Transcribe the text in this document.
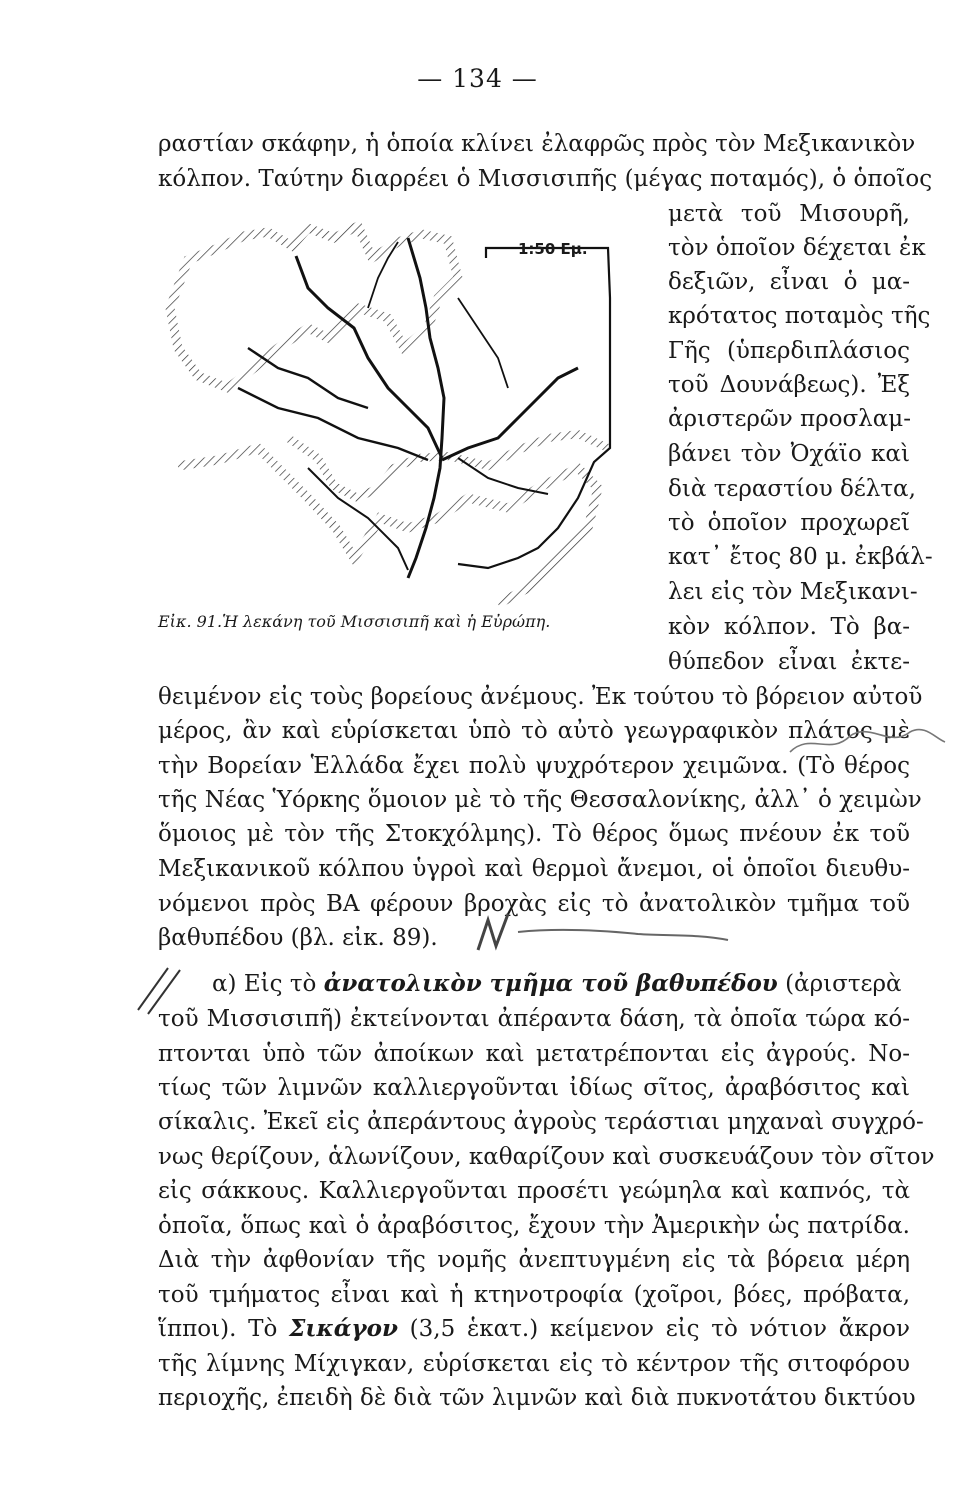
— 134 —
ραστίαν σκάφην, ἡ ὁποία κλίνει ἐλαφρῶς πρὸς τὸν Μεξικανικὸν
κόλπον. Ταύτην διαρρέει ὁ Μισσισιπῆς (μέγας ποταμός), ὁ ὁποῖος
1:50 Εμ.
Εἰκ. 91.Ἡ λεκάνη τοῦ Μισσισιπῆ καὶ ἡ Εὐρώπη.
μετὰ τοῦ Μισουρῆ,
τὸν ὁποῖον δέχεται ἐκ
δεξιῶν, εἶναι ὁ μα-
κρότατος ποταμὸς τῆς
Γῆς (ὑπερδιπλάσιος
τοῦ Δουνάβεως). Ἐξ
ἀριστερῶν προσλαμ-
βάνει τὸν Ὀχάϊο καὶ
διὰ τεραστίου δέλτα,
τὸ ὁποῖον προχωρεῖ
κατ᾽ ἔτος 80 μ. ἐκβάλ-
λει εἰς τὸν Μεξικανι-
κὸν κόλπον. Τὸ βα-
θύπεδον εἶναι ἐκτε-
θειμένον εἰς τοὺς βορείους ἀνέμους. Ἐκ τούτου τὸ βόρειον αὐτοῦ
μέρος, ἂν καὶ εὑρίσκεται ὑπὸ τὸ αὐτὸ γεωγραφικὸν πλάτος μὲ
τὴν Βορείαν Ἑλλάδα ἔχει πολὺ ψυχρότερον χειμῶνα. (Τὸ θέρος
τῆς Νέας Ὑόρκης ὅμοιον μὲ τὸ τῆς Θεσσαλονίκης, ἀλλ᾽ ὁ χειμὼν
ὅμοιος μὲ τὸν τῆς Στοκχόλμης). Τὸ θέρος ὅμως πνέουν ἐκ τοῦ
Μεξικανικοῦ κόλπου ὑγροὶ καὶ θερμοὶ ἄνεμοι, οἱ ὁποῖοι διευθυ-
νόμενοι πρὸς ΒΑ φέρουν βροχὰς εἰς τὸ ἀνατολικὸν τμῆμα τοῦ
βαθυπέδου (βλ. εἰκ. 89).
α) Εἰς τὸ ἀνατολικὸν τμῆμα τοῦ βαθυπέδου (ἀριστερὰ
τοῦ Μισσισιπῆ) ἐκτείνονται ἀπέραντα δάση, τὰ ὁποῖα τώρα κό-
πτονται ὑπὸ τῶν ἀποίκων καὶ μετατρέπονται εἰς ἀγρούς. Νο-
τίως τῶν λιμνῶν καλλιεργοῦνται ἰδίως σῖτος, ἀραβόσιτος καὶ
σίκαλις. Ἐκεῖ εἰς ἀπεράντους ἀγροὺς τεράστιαι μηχαναὶ συγχρό-
νως θερίζουν, ἁλωνίζουν, καθαρίζουν καὶ συσκευάζουν τὸν σῖτον
εἰς σάκκους. Καλλιεργοῦνται προσέτι γεώμηλα καὶ καπνός, τὰ
ὁποῖα, ὅπως καὶ ὁ ἀραβόσιτος, ἔχουν τὴν Ἀμερικὴν ὡς πατρίδα.
Διὰ τὴν ἀφθονίαν τῆς νομῆς ἀνεπτυγμένη εἰς τὰ βόρεια μέρη
τοῦ τμήματος εἶναι καὶ ἡ κτηνοτροφία (χοῖροι, βόες, πρόβατα,
ἵπποι). Τὸ Σικάγον (3,5 ἑκατ.) κείμενον εἰς τὸ νότιον ἄκρον
τῆς λίμνης Μίχιγκαν, εὑρίσκεται εἰς τὸ κέντρον τῆς σιτοφόρου
περιοχῆς, ἐπειδὴ δὲ διὰ τῶν λιμνῶν καὶ διὰ πυκνοτάτου δικτύου
